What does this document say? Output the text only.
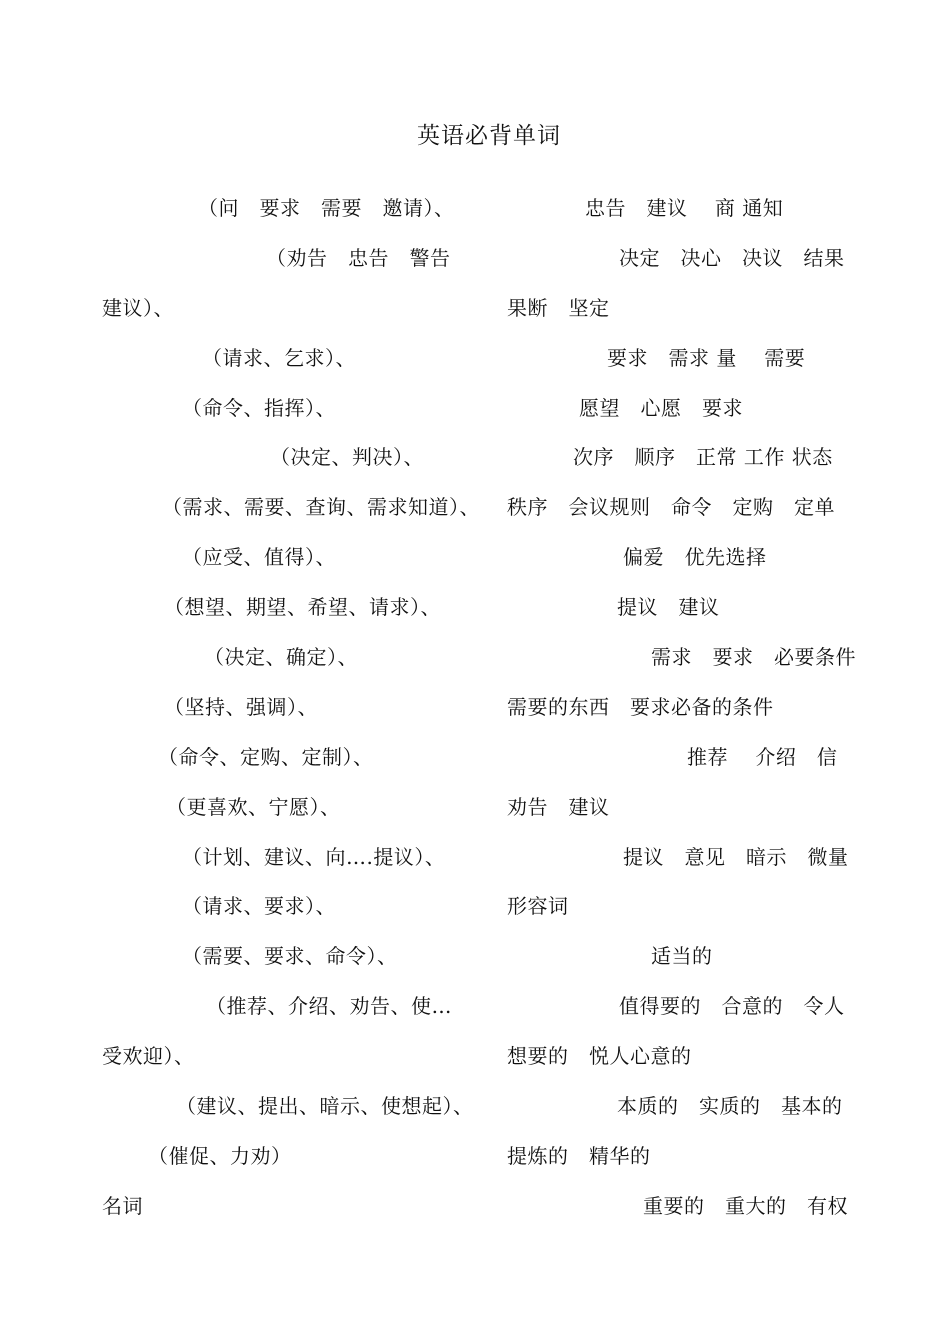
英语必背单词
（问　要求　需要　邀请）、
（劝告　忠告　警告
建议）、
（请求、乞求）、
（命令、指挥）、
（决定、判决）、
（需求、需要、查询、需求知道）、
（应受、值得）、
（想望、期望、希望、请求）、
（决定、确定）、
（坚持、强调）、
（命令、定购、定制）、
（更喜欢、宁愿）、
（计划、建议、向….提议）、
（请求、要求）、
（需要、要求、命令）、
（推荐、介绍、劝告、使…
受欢迎）、
（建议、提出、暗示、使想起）、
（催促、力劝）
名词
忠告　建议　 商 通知
决定　决心　决议　结果
果断　坚定
要求　需求 量　 需要
愿望　心愿　要求
次序　顺序　正常 工作 状态
秩序　会议规则　命令　定购　定单
偏爱　优先选择
提议　建议
需求　要求　必要条件
需要的东西　要求必备的条件
推荐　 介绍　信
劝告　建议
提议　意见　暗示　微量
形容词
适当的
值得要的　合意的　令人
想要的　悦人心意的
本质的　实质的　基本的
提炼的　精华的
重要的　重大的　有权
